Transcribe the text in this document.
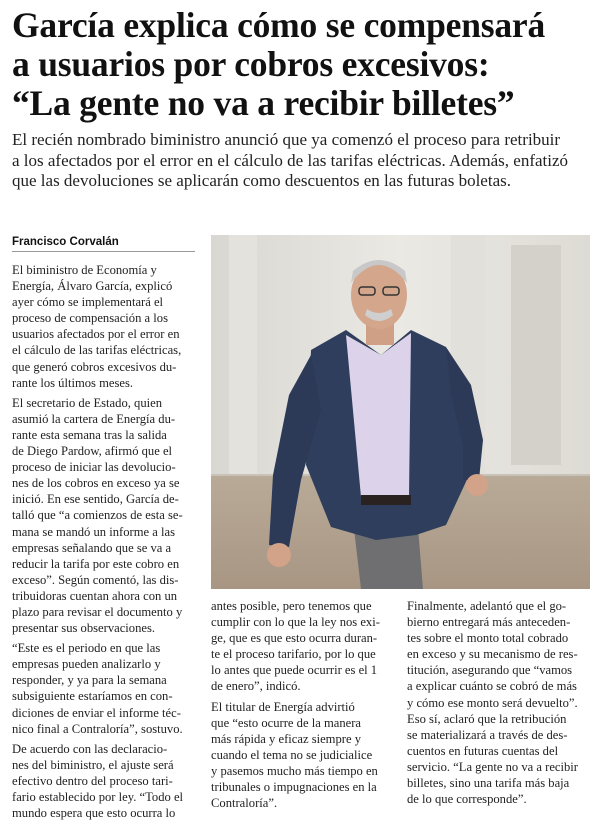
García explica cómo se compensará
a usuarios por cobros excesivos:
“La gente no va a recibir billetes”
El recién nombrado biministro anunció que ya comenzó el proceso para retribuir
a los afectados por el error en el cálculo de las tarifas eléctricas. Además, enfatizó
que las devoluciones se aplicarán como descuentos en las futuras boletas.
Francisco Corvalán

El biministro de Economía y
Energía, Álvaro García, explicó
ayer cómo se implementará el
proceso de compensación a los
usuarios afectados por el error en
el cálculo de las tarifas eléctricas,
que generó cobros excesivos du-
rante los últimos meses.

El secretario de Estado, quien
asumió la cartera de Energía du-
rante esta semana tras la salida
de Diego Pardow, afirmó que el
proceso de iniciar las devolucio-
nes de los cobros en exceso ya se
inició. En ese sentido, García de-
talló que “a comienzos de esta se-
mana se mandó un informe a las
empresas señalando que se va a
reducir la tarifa por este cobro en
exceso”. Según comentó, las dis-
tribuidoras cuentan ahora con un
plazo para revisar el documento y
presentar sus observaciones.

“Este es el periodo en que las
empresas pueden analizarlo y
responder, y ya para la semana
subsiguiente estaríamos en con-
diciones de enviar el informe téc-
nico final a Contraloría”, sostuvo.

De acuerdo con las declaracio-
nes del biministro, el ajuste será
efectivo dentro del proceso tari-
fario establecido por ley. “Todo el
mundo espera que esto ocurra lo

antes posible, pero tenemos que
cumplir con lo que la ley nos exi-
ge, que es que esto ocurra duran-
te el proceso tarifario, por lo que
lo antes que puede ocurrir es el 1
de enero”, indicó.

El titular de Energía advirtió
que “esto ocurre de la manera
más rápida y eficaz siempre y
cuando el tema no se judicialice
y pasemos mucho más tiempo en
tribunales o impugnaciones en la
Contraloría”.

Finalmente, adelantó que el go-
bierno entregará más anteceden-
tes sobre el monto total cobrado
en exceso y su mecanismo de res-
titución, asegurando que “vamos
a explicar cuánto se cobró de más
y cómo ese monto será devuelto”.
Eso sí, aclaró que la retribución
se materializará a través de des-
cuentos en futuras cuentas del
servicio. “La gente no va a recibir
billetes, sino una tarifa más baja
de lo que corresponde”.
